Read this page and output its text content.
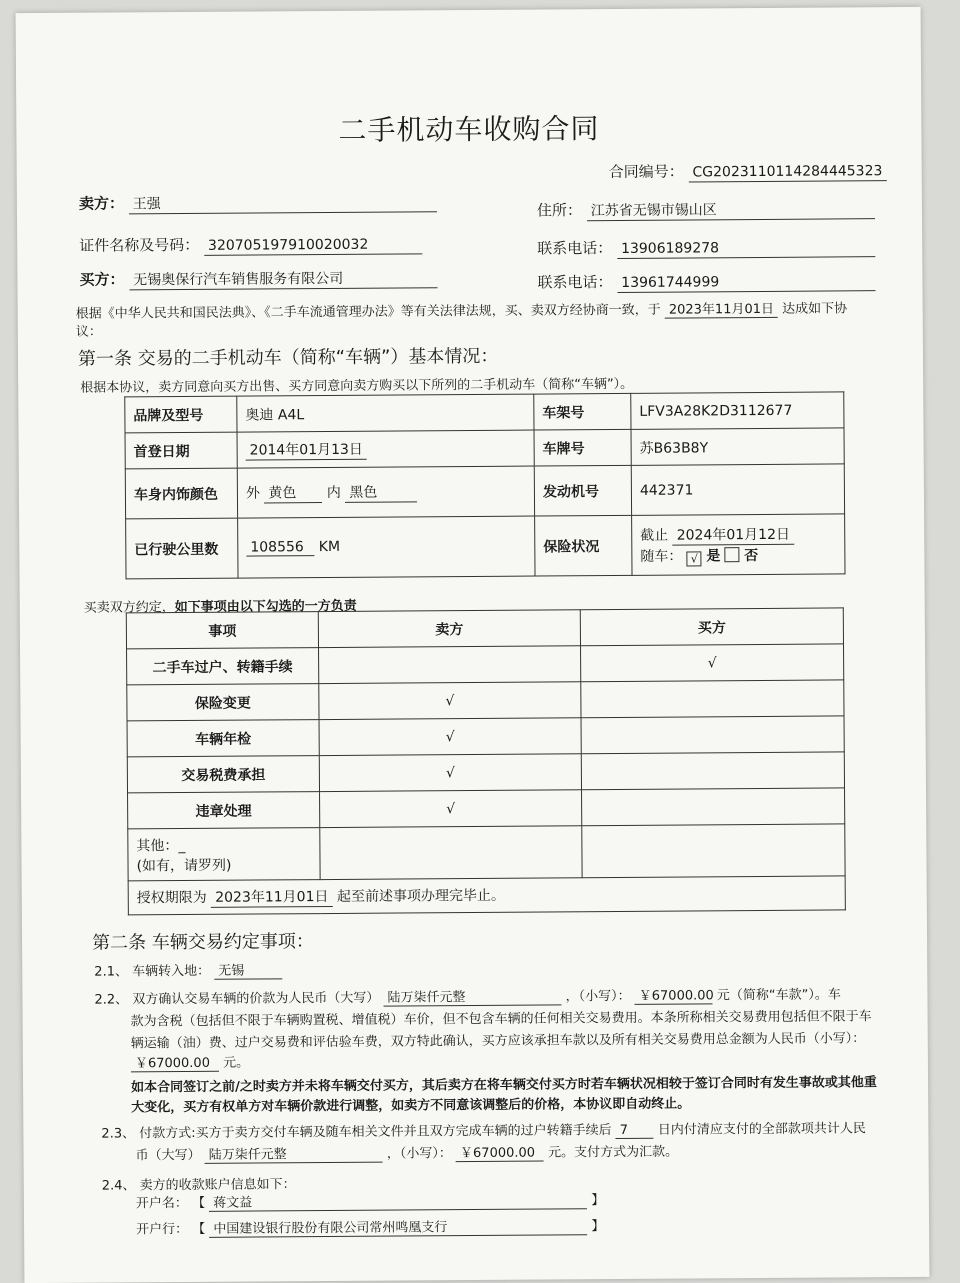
二手机动车收购合同
合同编号： CG2023110114284445323
卖方： 王强	住所： 江苏省无锡市锡山区
证件名称及号码： 320705197910020032	联系电话： 13906189278
买方： 无锡奥保行汽车销售服务有限公司	联系电话： 13961744999
根据《中华人民共和国民法典》、《二手车流通管理办法》等有关法律法规，买、卖双方经协商一致，于 2023年11月01日 达成如下协
议：
第一条 交易的二手机动车（简称“车辆”）基本情况：
根据本协议，卖方同意向买方出售、买方同意向卖方购买以下所列的二手机动车（简称“车辆”）。
品牌及型号	奥迪 A4L	车架号	LFV3A28K2D3112677
首登日期	2014年01月13日	车牌号	苏B63B8Y
车身内饰颜色	外 黄色 内 黑色	发动机号	442371
已行驶公里数	108556 KM	保险状况	截止 2024年01月12日
随车： √ 是 否
买卖双方约定，如下事项由以下勾选的一方负责
事项	卖方	买方
二手车过户、转籍手续		√
保险变更	√	
车辆年检	√	
交易税费承担	√	
违章处理	√	

其他：_
(如有，请罗列)		

授权期限为 2023年11月01日 起至前述事项办理完毕止。		
第二条 车辆交易约定事项：
2.1、 车辆转入地： 无锡
2.2、 双方确认交易车辆的价款为人民币（大写） 陆万柒仟元整	，（小写）： ￥67000.00 元（简称“车款”）。车
款为含税（包括但不限于车辆购置税、增值税）车价，但不包含车辆的任何相关交易费用。本条所称相关交易费用包括但不限于车
辆运输（油）费、过户交易费和评估验车费，双方特此确认，买方应该承担车款以及所有相关交易费用总金额为人民币（小写）：
￥67000.00 元。
如本合同签订之前/之时卖方并未将车辆交付买方，其后卖方在将车辆交付买方时若车辆状况相较于签订合同时有发生事故或其他重
大变化，买方有权单方对车辆价款进行调整，如卖方不同意该调整后的价格，本协议即自动终止。
2.3、 付款方式:买方于卖方交付车辆及随车相关文件并且双方完成车辆的过户转籍手续后 7 日内付清应支付的全部款项共计人民
币（大写） 陆万柒仟元整	，（小写）： ￥67000.00 元。支付方式为汇款。
2.4、 卖方的收款账户信息如下：
开户名： 【 蒋文益	】
开户行： 【 中国建设银行股份有限公司常州鸣凰支行	】
